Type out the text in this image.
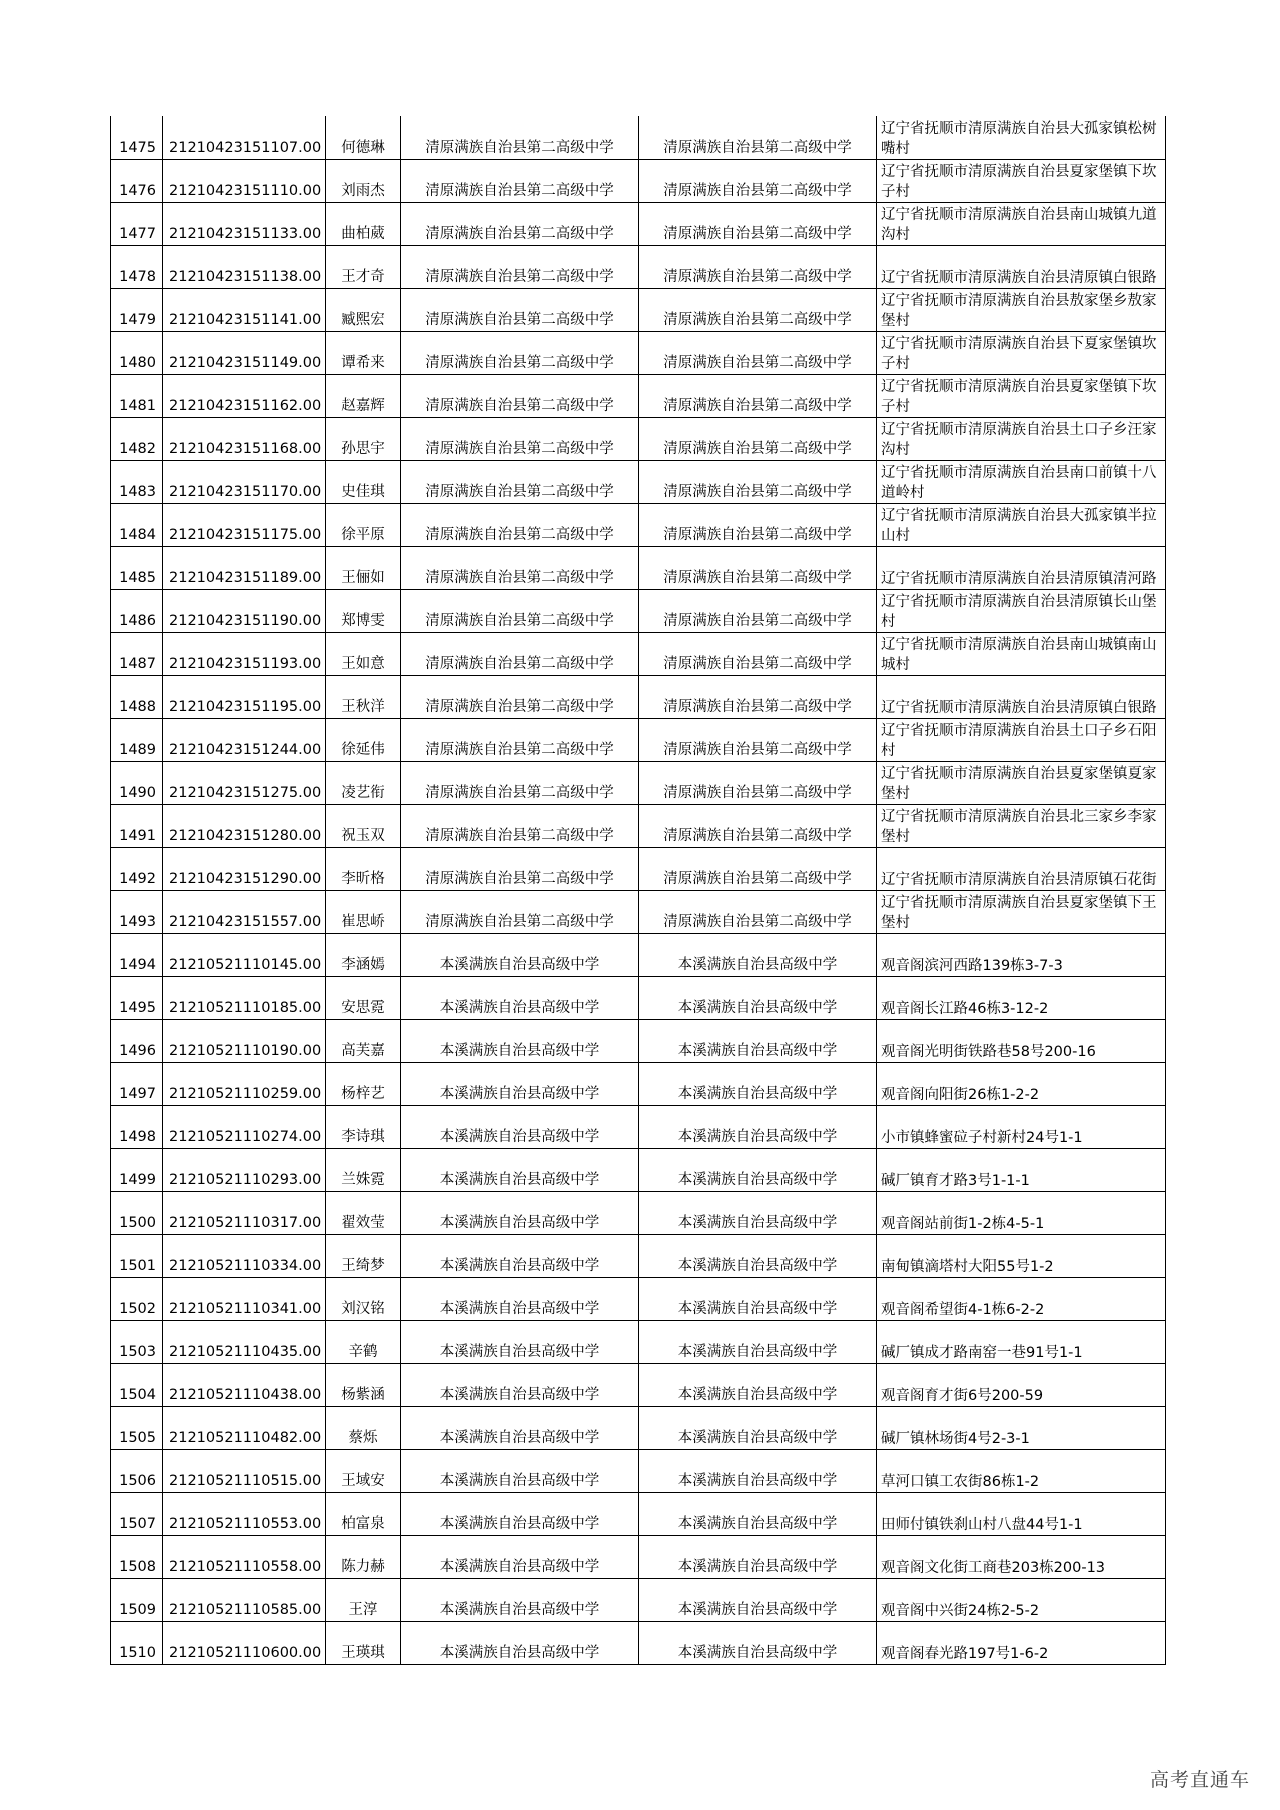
1475	21210423151107.00	何德琳	清原满族自治县第二高级中学	清原满族自治县第二高级中学	辽宁省抚顺市清原满族自治县大孤家镇松树嘴村
1476	21210423151110.00	刘雨杰	清原满族自治县第二高级中学	清原满族自治县第二高级中学	辽宁省抚顺市清原满族自治县夏家堡镇下坎子村
1477	21210423151133.00	曲柏葳	清原满族自治县第二高级中学	清原满族自治县第二高级中学	辽宁省抚顺市清原满族自治县南山城镇九道沟村
1478	21210423151138.00	王才奇	清原满族自治县第二高级中学	清原满族自治县第二高级中学	辽宁省抚顺市清原满族自治县清原镇白银路
1479	21210423151141.00	臧熙宏	清原满族自治县第二高级中学	清原满族自治县第二高级中学	辽宁省抚顺市清原满族自治县敖家堡乡敖家堡村
1480	21210423151149.00	谭希来	清原满族自治县第二高级中学	清原满族自治县第二高级中学	辽宁省抚顺市清原满族自治县下夏家堡镇坎子村
1481	21210423151162.00	赵嘉辉	清原满族自治县第二高级中学	清原满族自治县第二高级中学	辽宁省抚顺市清原满族自治县夏家堡镇下坎子村
1482	21210423151168.00	孙思宇	清原满族自治县第二高级中学	清原满族自治县第二高级中学	辽宁省抚顺市清原满族自治县土口子乡汪家沟村
1483	21210423151170.00	史佳琪	清原满族自治县第二高级中学	清原满族自治县第二高级中学	辽宁省抚顺市清原满族自治县南口前镇十八道岭村
1484	21210423151175.00	徐平原	清原满族自治县第二高级中学	清原满族自治县第二高级中学	辽宁省抚顺市清原满族自治县大孤家镇半拉山村
1485	21210423151189.00	王俪如	清原满族自治县第二高级中学	清原满族自治县第二高级中学	辽宁省抚顺市清原满族自治县清原镇清河路
1486	21210423151190.00	郑博雯	清原满族自治县第二高级中学	清原满族自治县第二高级中学	辽宁省抚顺市清原满族自治县清原镇长山堡村
1487	21210423151193.00	王如意	清原满族自治县第二高级中学	清原满族自治县第二高级中学	辽宁省抚顺市清原满族自治县南山城镇南山城村
1488	21210423151195.00	王秋洋	清原满族自治县第二高级中学	清原满族自治县第二高级中学	辽宁省抚顺市清原满族自治县清原镇白银路
1489	21210423151244.00	徐延伟	清原满族自治县第二高级中学	清原满族自治县第二高级中学	辽宁省抚顺市清原满族自治县土口子乡石阳村
1490	21210423151275.00	凌艺衔	清原满族自治县第二高级中学	清原满族自治县第二高级中学	辽宁省抚顺市清原满族自治县夏家堡镇夏家堡村
1491	21210423151280.00	祝玉双	清原满族自治县第二高级中学	清原满族自治县第二高级中学	辽宁省抚顺市清原满族自治县北三家乡李家堡村
1492	21210423151290.00	李昕格	清原满族自治县第二高级中学	清原满族自治县第二高级中学	辽宁省抚顺市清原满族自治县清原镇石花街
1493	21210423151557.00	崔思峤	清原满族自治县第二高级中学	清原满族自治县第二高级中学	辽宁省抚顺市清原满族自治县夏家堡镇下王堡村
1494	21210521110145.00	李涵嫣	本溪满族自治县高级中学	本溪满族自治县高级中学	观音阁滨河西路139栋3-7-3
1495	21210521110185.00	安思霓	本溪满族自治县高级中学	本溪满族自治县高级中学	观音阁长江路46栋3-12-2
1496	21210521110190.00	高芙嘉	本溪满族自治县高级中学	本溪满族自治县高级中学	观音阁光明街铁路巷58号200-16
1497	21210521110259.00	杨梓艺	本溪满族自治县高级中学	本溪满族自治县高级中学	观音阁向阳街26栋1-2-2
1498	21210521110274.00	李诗琪	本溪满族自治县高级中学	本溪满族自治县高级中学	小市镇蜂蜜砬子村新村24号1-1
1499	21210521110293.00	兰姝霓	本溪满族自治县高级中学	本溪满族自治县高级中学	碱厂镇育才路3号1-1-1
1500	21210521110317.00	翟效莹	本溪满族自治县高级中学	本溪满族自治县高级中学	观音阁站前街1-2栋4-5-1
1501	21210521110334.00	王绮梦	本溪满族自治县高级中学	本溪满族自治县高级中学	南甸镇滴塔村大阳55号1-2
1502	21210521110341.00	刘汉铭	本溪满族自治县高级中学	本溪满族自治县高级中学	观音阁希望街4-1栋6-2-2
1503	21210521110435.00	辛鹤	本溪满族自治县高级中学	本溪满族自治县高级中学	碱厂镇成才路南窑一巷91号1-1
1504	21210521110438.00	杨紫涵	本溪满族自治县高级中学	本溪满族自治县高级中学	观音阁育才街6号200-59
1505	21210521110482.00	蔡烁	本溪满族自治县高级中学	本溪满族自治县高级中学	碱厂镇林场街4号2-3-1
1506	21210521110515.00	王域安	本溪满族自治县高级中学	本溪满族自治县高级中学	草河口镇工农街86栋1-2
1507	21210521110553.00	柏富泉	本溪满族自治县高级中学	本溪满族自治县高级中学	田师付镇铁刹山村八盘44号1-1
1508	21210521110558.00	陈力赫	本溪满族自治县高级中学	本溪满族自治县高级中学	观音阁文化街工商巷203栋200-13
1509	21210521110585.00	王淳	本溪满族自治县高级中学	本溪满族自治县高级中学	观音阁中兴街24栋2-5-2
1510	21210521110600.00	王瑛琪	本溪满族自治县高级中学	本溪满族自治县高级中学	观音阁春光路197号1-6-2
高考直通车
